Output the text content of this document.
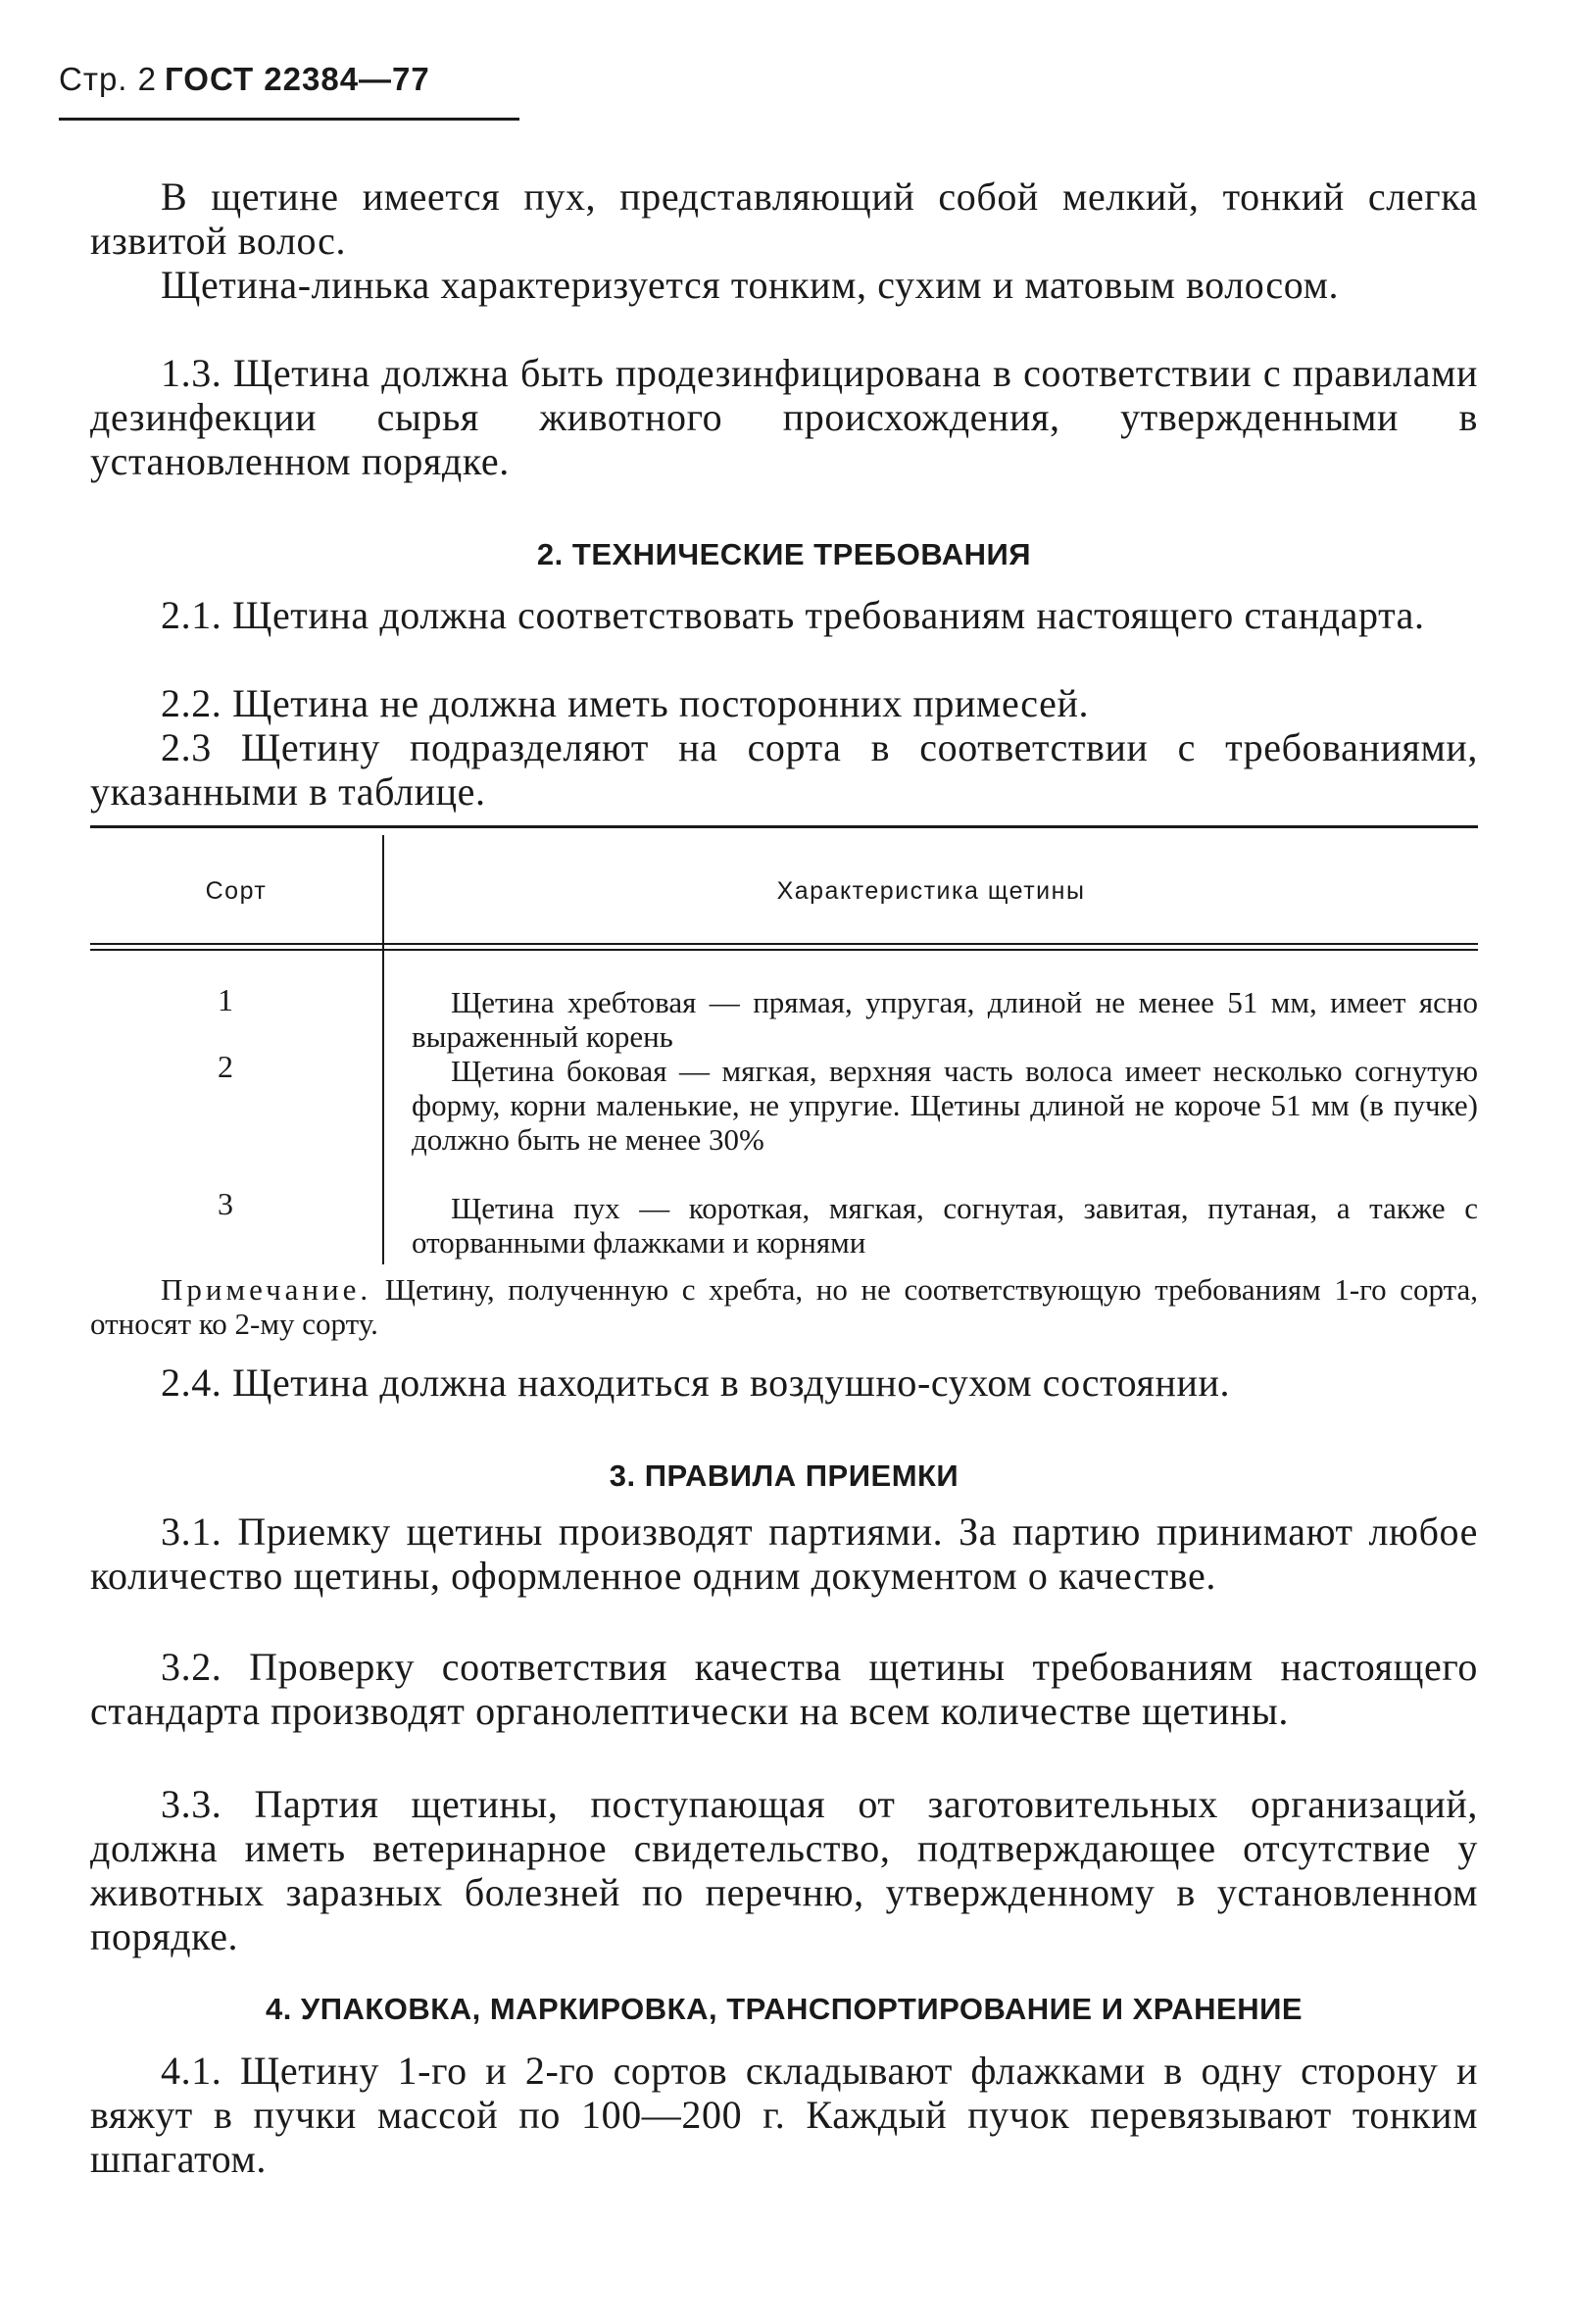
Стр. 2 ГОСТ 22384—77

В щетине имеется пух, представляющий собой мелкий, тонкий слегка извитой волос.

Щетина-линька характеризуется тонким, сухим и матовым волосом.

1.3. Щетина должна быть продезинфицирована в соответствии с правилами дезинфекции сырья животного происхождения, утвержденными в установленном порядке.

2. ТЕХНИЧЕСКИЕ ТРЕБОВАНИЯ

2.1. Щетина должна соответствовать требованиям настоящего стандарта.

2.2. Щетина не должна иметь посторонних примесей.

2.3 Щетину подразделяют на сорта в соответствии с требованиями, указанными в таблице.

Сорт	Характеристика щетины
1	Щетина хребтовая — прямая, упругая, длиной не менее 51 мм, имеет ясно выраженный корень

2	Щетина боковая — мягкая, верхняя часть волоса имеет несколько согнутую форму, корни маленькие, не упругие. Щетины длиной не короче 51 мм (в пучке) должно быть не менее 30%

3	Щетина пух — короткая, мягкая, согнутая, завитая, путаная, а также с оторванными флажками и корнями

Примечание. Щетину, полученную с хребта, но не соответствующую требованиям 1-го сорта, относят ко 2-му сорту.

2.4. Щетина должна находиться в воздушно-сухом состоянии.

3. ПРАВИЛА ПРИЕМКИ

3.1. Приемку щетины производят партиями. За партию принимают любое количество щетины, оформленное одним документом о качестве.

3.2. Проверку соответствия качества щетины требованиям настоящего стандарта производят органолептически на всем количестве щетины.

3.3. Партия щетины, поступающая от заготовительных организаций, должна иметь ветеринарное свидетельство, подтверждающее отсутствие у животных заразных болезней по перечню, утвержденному в установленном порядке.

4. УПАКОВКА, МАРКИРОВКА, ТРАНСПОРТИРОВАНИЕ И ХРАНЕНИЕ

4.1. Щетину 1-го и 2-го сортов складывают флажками в одну сторону и вяжут в пучки массой по 100—200 г. Каждый пучок перевязывают тонким шпагатом.
